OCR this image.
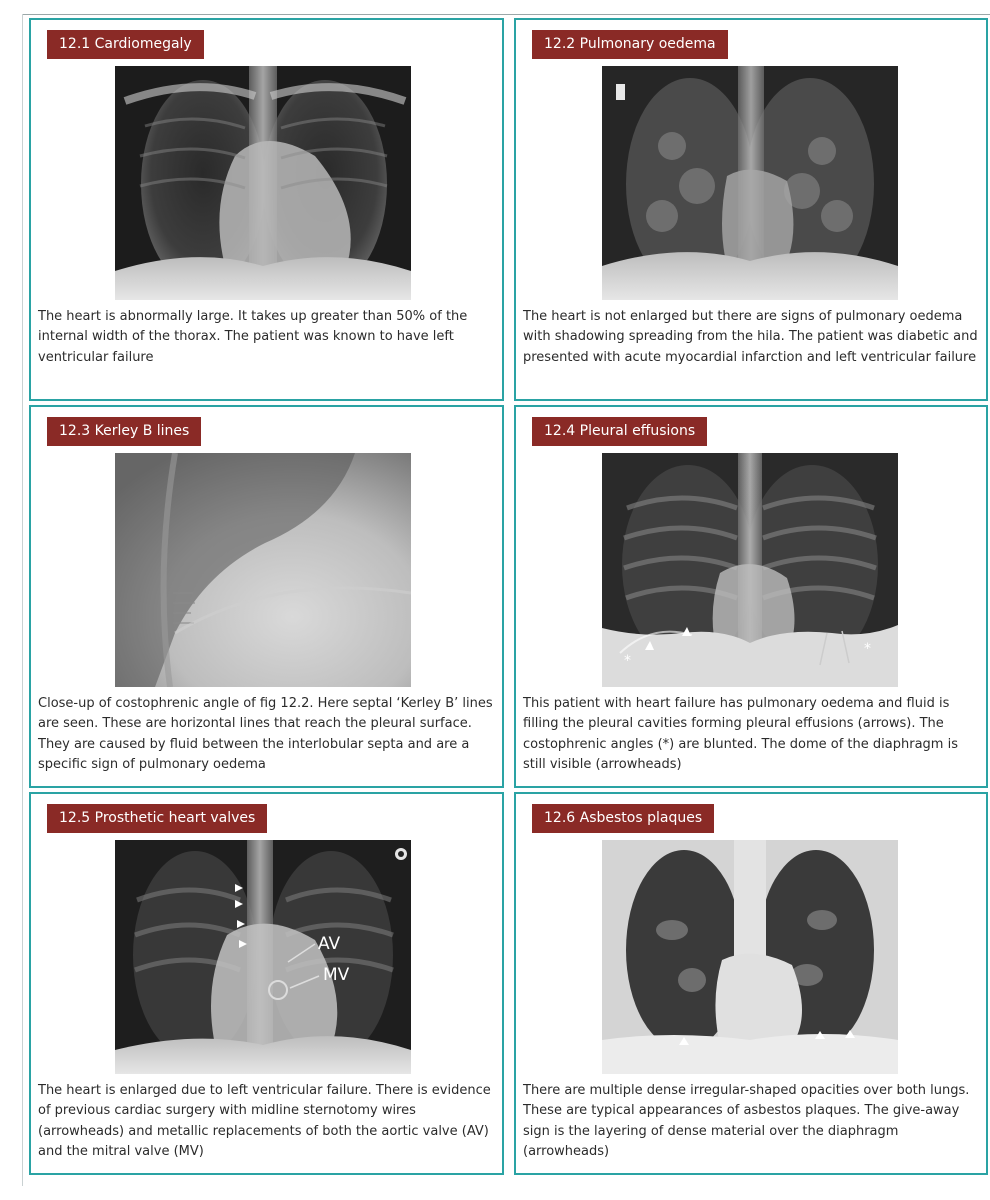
12.1 Cardiomegaly
The heart is abnormally large. It takes up greater than 50% of the internal width of the thorax. The patient was known to have left ventricular failure
12.2 Pulmonary oedema
The heart is not enlarged but there are signs of pulmonary oedema with shadowing spreading from the hila. The patient was diabetic and presented with acute myocardial infarction and left ventricular failure
12.3 Kerley B lines
Close-up of costophrenic angle of fig 12.2. Here septal ‘Kerley B’ lines are seen. These are horizontal lines that reach the pleural surface. They are caused by fluid between the interlobular septa and are a specific sign of pulmonary oedema
12.4 Pleural effusions
*
*
This patient with heart failure has pulmonary oedema and fluid is filling the pleural cavities forming pleural effusions (arrows). The costophrenic angles (*) are blunted. The dome of the diaphragm is still visible (arrowheads)
12.5 Prosthetic heart valves
AV
MV
The heart is enlarged due to left ventricular failure. There is evidence of previous cardiac surgery with midline sternotomy wires (arrowheads) and metallic replacements of both the aortic valve (AV) and the mitral valve (MV)
12.6 Asbestos plaques
There are multiple dense irregular-shaped opacities over both lungs. These are typical appearances of asbestos plaques. The give-away sign is the layering of dense material over the diaphragm (arrowheads)
